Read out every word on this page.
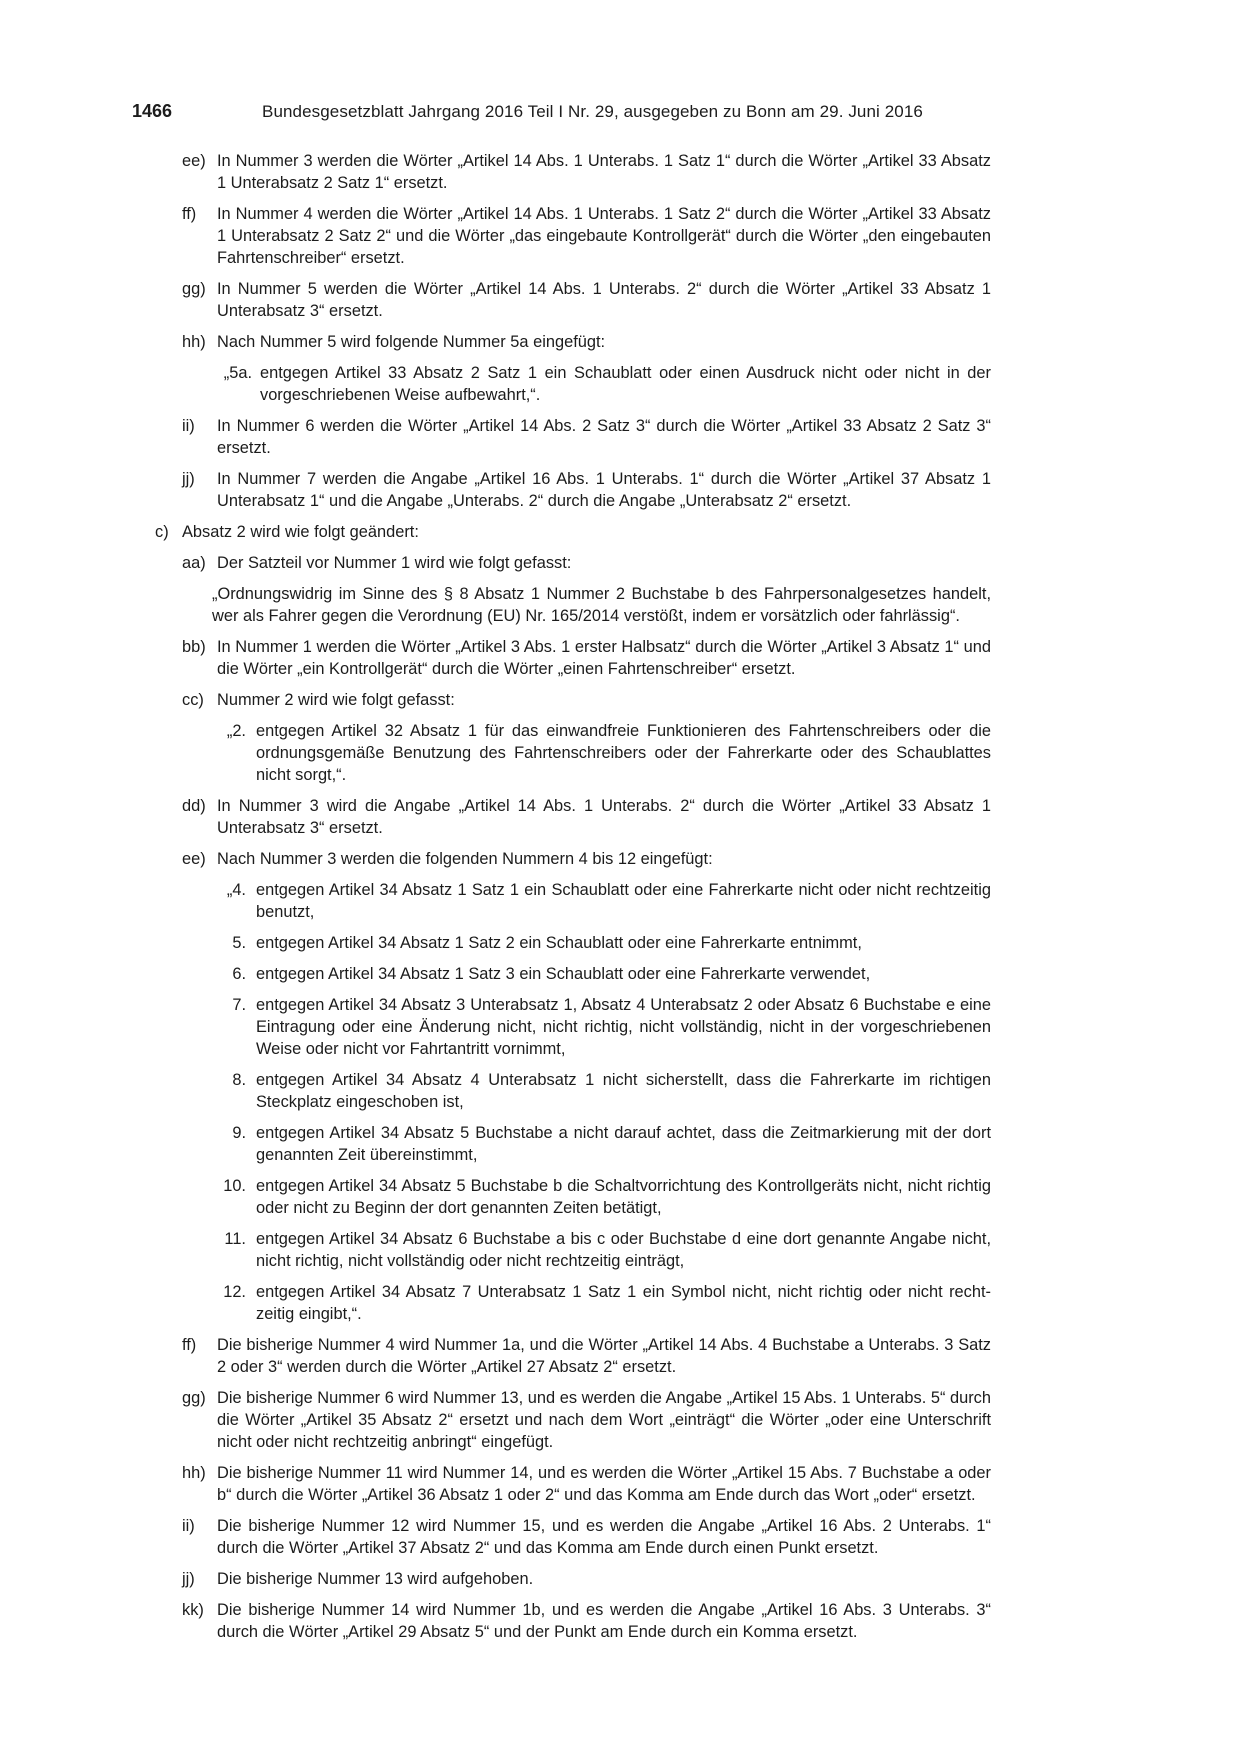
1466	Bundesgesetzblatt Jahrgang 2016 Teil I Nr. 29, ausgegeben zu Bonn am 29. Juni 2016
ee) In Nummer 3 werden die Wörter „Artikel 14 Abs. 1 Unterabs. 1 Satz 1“ durch die Wörter „Artikel 33 Absatz 1 Unterabsatz 2 Satz 1“ ersetzt.
ff) In Nummer 4 werden die Wörter „Artikel 14 Abs. 1 Unterabs. 1 Satz 2“ durch die Wörter „Artikel 33 Absatz 1 Unterabsatz 2 Satz 2“ und die Wörter „das eingebaute Kontrollgerät“ durch die Wörter „den eingebauten Fahrtenschreiber“ ersetzt.
gg) In Nummer 5 werden die Wörter „Artikel 14 Abs. 1 Unterabs. 2“ durch die Wörter „Artikel 33 Absatz 1 Unterabsatz 3“ ersetzt.
hh) Nach Nummer 5 wird folgende Nummer 5a eingefügt:
„5a. entgegen Artikel 33 Absatz 2 Satz 1 ein Schaublatt oder einen Ausdruck nicht oder nicht in der vorgeschriebenen Weise aufbewahrt,“.
ii) In Nummer 6 werden die Wörter „Artikel 14 Abs. 2 Satz 3“ durch die Wörter „Artikel 33 Absatz 2 Satz 3“ ersetzt.
jj) In Nummer 7 werden die Angabe „Artikel 16 Abs. 1 Unterabs. 1“ durch die Wörter „Artikel 37 Absatz 1 Unterabsatz 1“ und die Angabe „Unterabs. 2“ durch die Angabe „Unterabsatz 2“ ersetzt.
c) Absatz 2 wird wie folgt geändert:
aa) Der Satzteil vor Nummer 1 wird wie folgt gefasst:
„Ordnungswidrig im Sinne des § 8 Absatz 1 Nummer 2 Buchstabe b des Fahrpersonalgesetzes handelt, wer als Fahrer gegen die Verordnung (EU) Nr. 165/2014 verstößt, indem er vorsätzlich oder fahrlässig“.
bb) In Nummer 1 werden die Wörter „Artikel 3 Abs. 1 erster Halbsatz“ durch die Wörter „Artikel 3 Absatz 1“ und die Wörter „ein Kontrollgerät“ durch die Wörter „einen Fahrtenschreiber“ ersetzt.
cc) Nummer 2 wird wie folgt gefasst:
„2. entgegen Artikel 32 Absatz 1 für das einwandfreie Funktionieren des Fahrtenschreibers oder die ordnungsgemäße Benutzung des Fahrtenschreibers oder der Fahrerkarte oder des Schaublattes nicht sorgt,“.
dd) In Nummer 3 wird die Angabe „Artikel 14 Abs. 1 Unterabs. 2“ durch die Wörter „Artikel 33 Absatz 1 Unterabsatz 3“ ersetzt.
ee) Nach Nummer 3 werden die folgenden Nummern 4 bis 12 eingefügt:
„4. entgegen Artikel 34 Absatz 1 Satz 1 ein Schaublatt oder eine Fahrerkarte nicht oder nicht rechtzeitig benutzt,
5. entgegen Artikel 34 Absatz 1 Satz 2 ein Schaublatt oder eine Fahrerkarte entnimmt,
6. entgegen Artikel 34 Absatz 1 Satz 3 ein Schaublatt oder eine Fahrerkarte verwendet,
7. entgegen Artikel 34 Absatz 3 Unterabsatz 1, Absatz 4 Unterabsatz 2 oder Absatz 6 Buchstabe e eine Eintragung oder eine Änderung nicht, nicht richtig, nicht vollständig, nicht in der vorgeschriebenen Weise oder nicht vor Fahrtantritt vornimmt,
8. entgegen Artikel 34 Absatz 4 Unterabsatz 1 nicht sicherstellt, dass die Fahrerkarte im richtigen Steckplatz eingeschoben ist,
9. entgegen Artikel 34 Absatz 5 Buchstabe a nicht darauf achtet, dass die Zeitmarkierung mit der dort genannten Zeit übereinstimmt,
10. entgegen Artikel 34 Absatz 5 Buchstabe b die Schaltvorrichtung des Kontrollgeräts nicht, nicht richtig oder nicht zu Beginn der dort genannten Zeiten betätigt,
11. entgegen Artikel 34 Absatz 6 Buchstabe a bis c oder Buchstabe d eine dort genannte Angabe nicht, nicht richtig, nicht vollständig oder nicht rechtzeitig einträgt,
12. entgegen Artikel 34 Absatz 7 Unterabsatz 1 Satz 1 ein Symbol nicht, nicht richtig oder nicht rechtzeitig eingibt,“.
ff) Die bisherige Nummer 4 wird Nummer 1a, und die Wörter „Artikel 14 Abs. 4 Buchstabe a Unterabs. 3 Satz 2 oder 3“ werden durch die Wörter „Artikel 27 Absatz 2“ ersetzt.
gg) Die bisherige Nummer 6 wird Nummer 13, und es werden die Angabe „Artikel 15 Abs. 1 Unterabs. 5“ durch die Wörter „Artikel 35 Absatz 2“ ersetzt und nach dem Wort „einträgt“ die Wörter „oder eine Unterschrift nicht oder nicht rechtzeitig anbringt“ eingefügt.
hh) Die bisherige Nummer 11 wird Nummer 14, und es werden die Wörter „Artikel 15 Abs. 7 Buchstabe a oder b“ durch die Wörter „Artikel 36 Absatz 1 oder 2“ und das Komma am Ende durch das Wort „oder“ ersetzt.
ii) Die bisherige Nummer 12 wird Nummer 15, und es werden die Angabe „Artikel 16 Abs. 2 Unterabs. 1“ durch die Wörter „Artikel 37 Absatz 2“ und das Komma am Ende durch einen Punkt ersetzt.
jj) Die bisherige Nummer 13 wird aufgehoben.
kk) Die bisherige Nummer 14 wird Nummer 1b, und es werden die Angabe „Artikel 16 Abs. 3 Unterabs. 3“ durch die Wörter „Artikel 29 Absatz 5“ und der Punkt am Ende durch ein Komma ersetzt.
